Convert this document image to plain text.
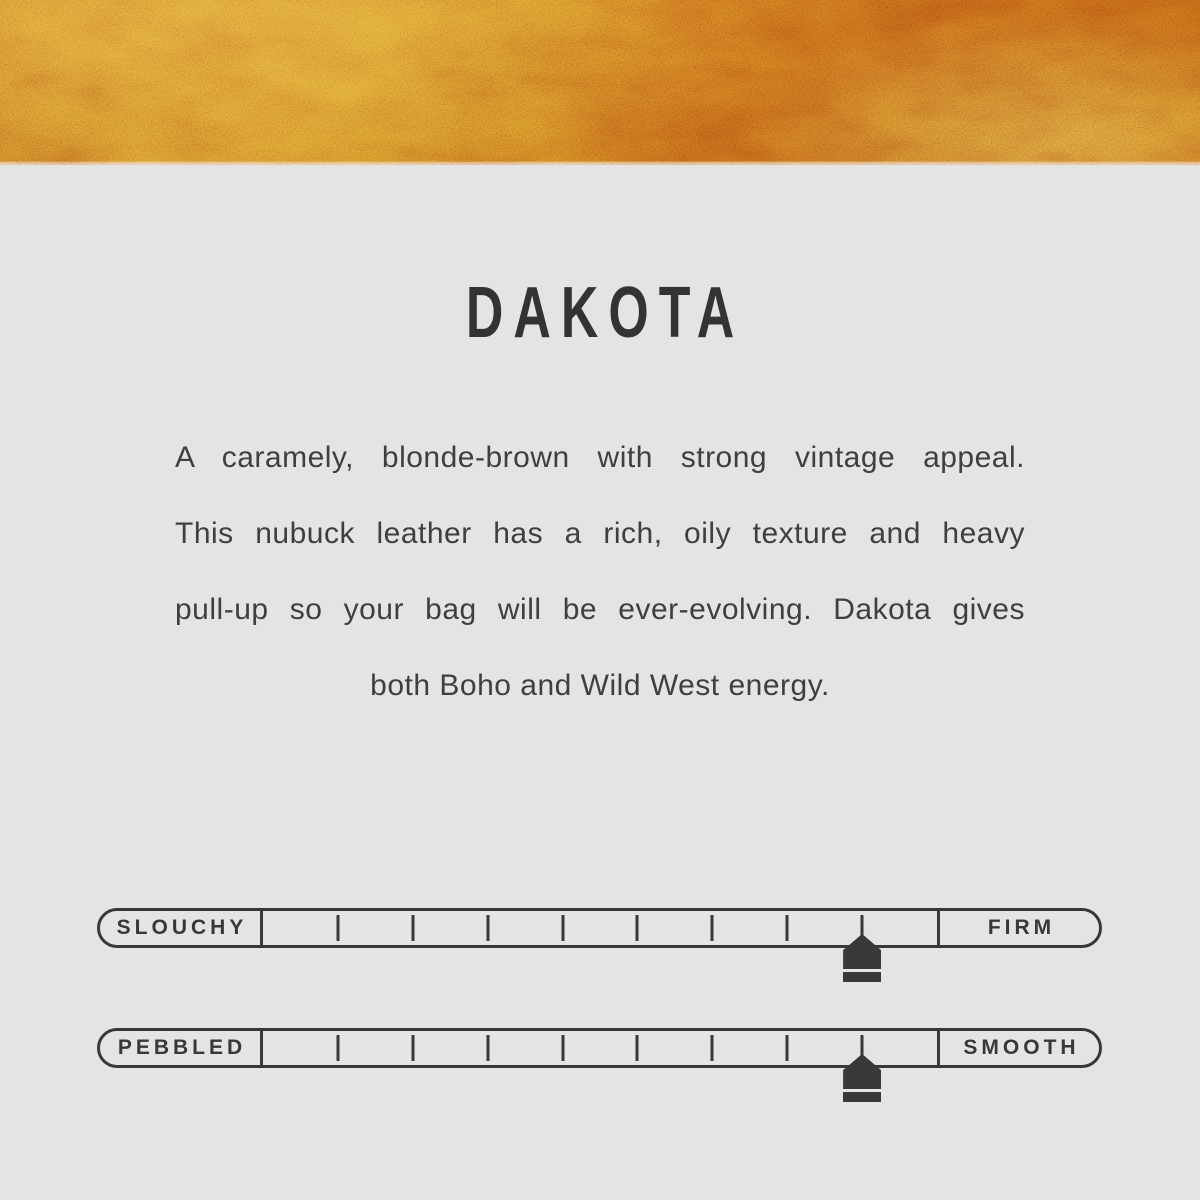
DAKOTA
A caramely, blonde-brown with strong vintage appeal.
This nubuck leather has a rich, oily texture and heavy
pull-up so your bag will be ever-evolving. Dakota gives
both Boho and Wild West energy.
SLOUCHY	FIRM
PEBBLED	SMOOTH
